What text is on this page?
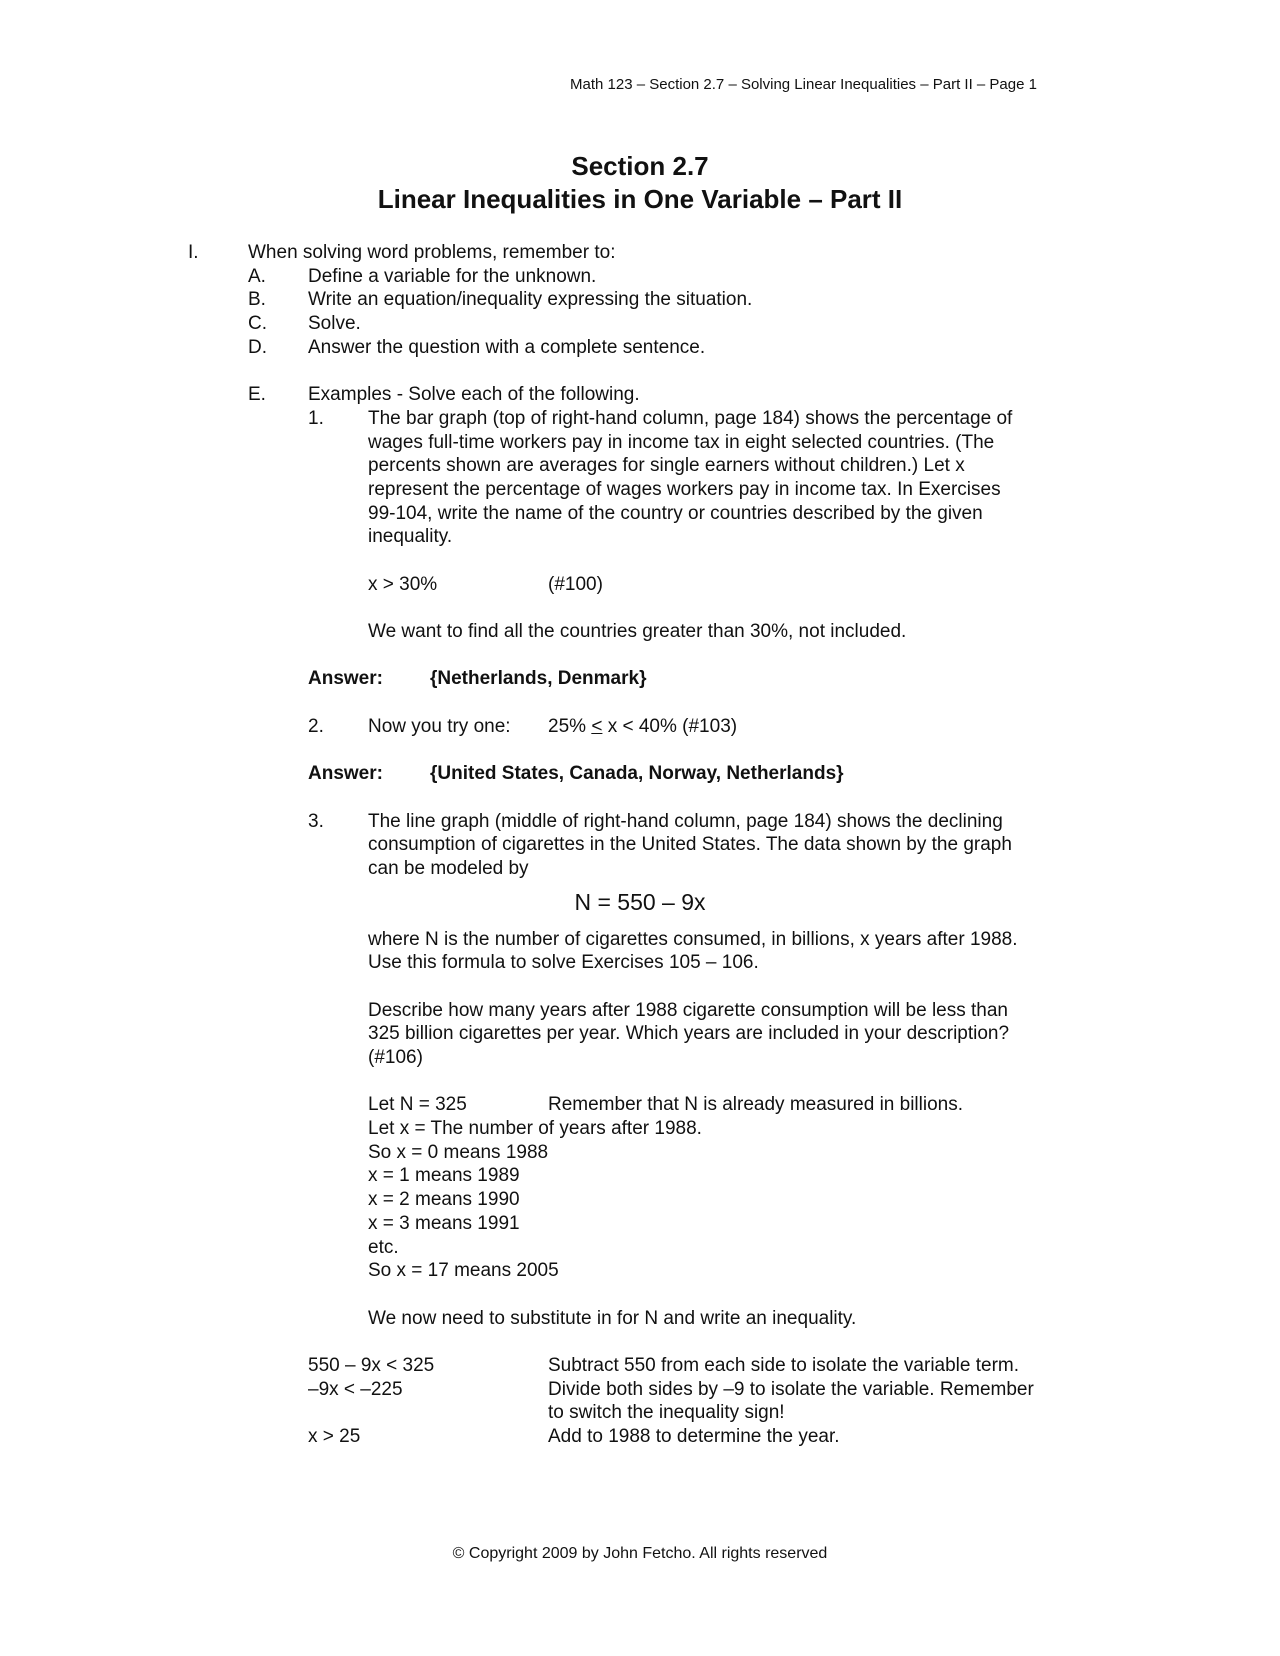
Math 123 – Section 2.7 – Solving Linear Inequalities – Part II – Page 1
Section 2.7
Linear Inequalities in One Variable – Part II
I.	When solving word problems, remember to:
A. Define a variable for the unknown.
B. Write an equation/inequality expressing the situation.
C. Solve.
D. Answer the question with a complete sentence.
E. Examples - Solve each of the following.
1. The bar graph (top of right-hand column, page 184) shows the percentage of
wages full-time workers pay in income tax in eight selected countries. (The
percents shown are averages for single earners without children.) Let x
represent the percentage of wages workers pay in income tax. In Exercises
99-104, write the name of the country or countries described by the given
inequality.
x > 30%	(#100)
We want to find all the countries greater than 30%, not included.
Answer: {Netherlands, Denmark}
2. Now you try one: 25% < x < 40% (#103)
Answer: {United States, Canada, Norway, Netherlands}
3. The line graph (middle of right-hand column, page 184) shows the declining
consumption of cigarettes in the United States. The data shown by the graph
can be modeled by
N = 550 – 9x
where N is the number of cigarettes consumed, in billions, x years after 1988.
Use this formula to solve Exercises 105 – 106.
Describe how many years after 1988 cigarette consumption will be less than
325 billion cigarettes per year. Which years are included in your description?
(#106)
Let N = 325	Remember that N is already measured in billions.
Let x = The number of years after 1988.
So x = 0 means 1988
x = 1 means 1989
x = 2 means 1990
x = 3 means 1991
etc.
So x = 17 means 2005
We now need to substitute in for N and write an inequality.
550 – 9x < 325	Subtract 550 from each side to isolate the variable term.
–9x < –225	Divide both sides by –9 to isolate the variable. Remember
to switch the inequality sign!
x > 25	Add to 1988 to determine the year.
© Copyright 2009 by John Fetcho. All rights reserved
